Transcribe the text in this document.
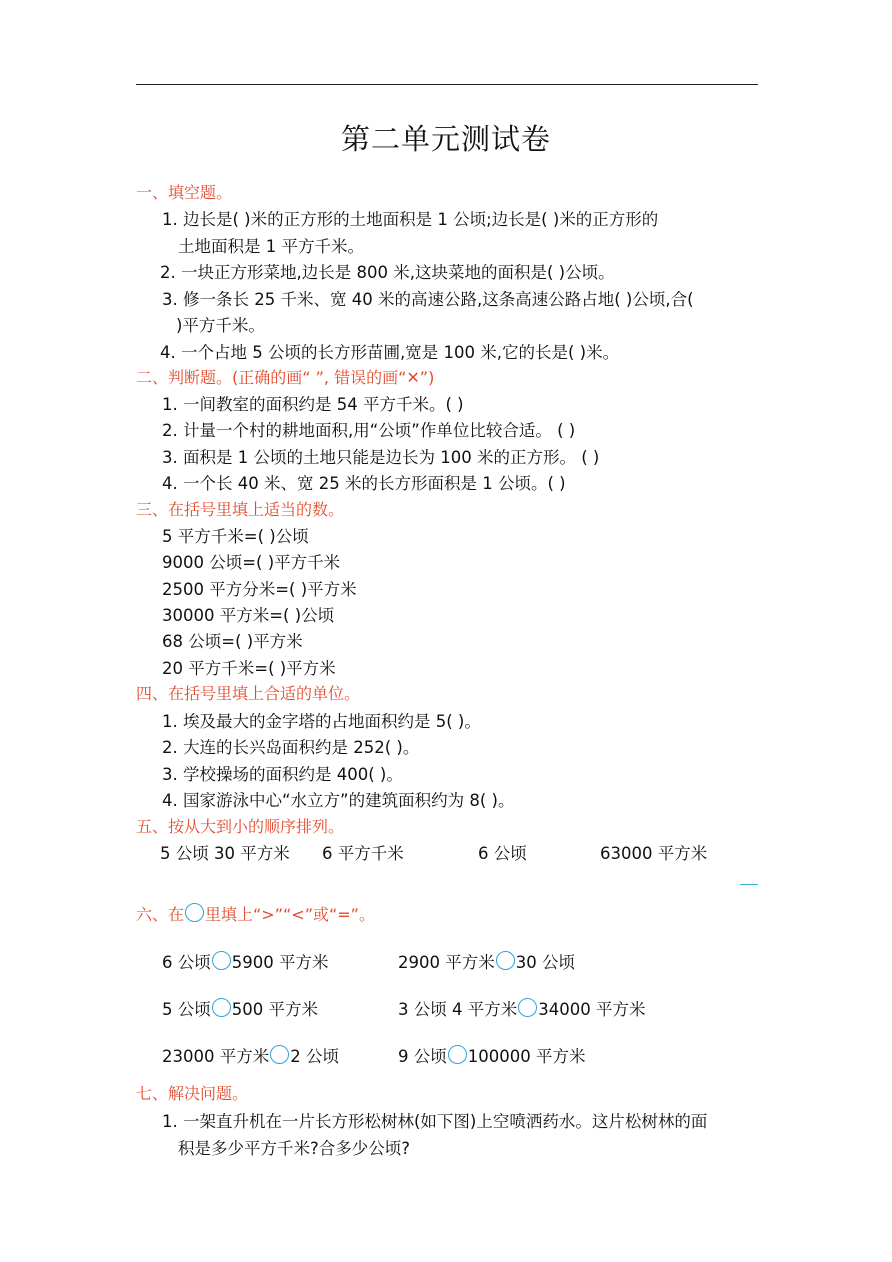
第二单元测试卷
一、填空题。
1. 边长是( )米的正方形的土地面积是 1 公顷;边长是( )米的正方形的
土地面积是 1 平方千米。
2. 一块正方形菜地,边长是 800 米,这块菜地的面积是( )公顷。
3. 修一条长 25 千米、宽 40 米的高速公路,这条高速公路占地( )公顷,合(
)平方千米。
4. 一个占地 5 公顷的长方形苗圃,宽是 100 米,它的长是( )米。
二、判断题。(正确的画“ ”, 错误的画“✕”)
1. 一间教室的面积约是 54 平方千米。( )
2. 计量一个村的耕地面积,用“公顷”作单位比较合适。 ( )
3. 面积是 1 公顷的土地只能是边长为 100 米的正方形。 ( )
4. 一个长 40 米、宽 25 米的长方形面积是 1 公顷。( )
三、在括号里填上适当的数。
5 平方千米=( )公顷
9000 公顷=( )平方千米
2500 平方分米=( )平方米
30000 平方米=( )公顷
68 公顷=( )平方米
20 平方千米=( )平方米
四、在括号里填上合适的单位。
1. 埃及最大的金字塔的占地面积约是 5( )。
2. 大连的长兴岛面积约是 252( )。
3. 学校操场的面积约是 400( )。
4. 国家游泳中心“水立方”的建筑面积约为 8( )。
五、按从大到小的顺序排列。
5 公顷 30 平方米 6 平方千米	6 公顷	63000 平方米
六、在 里填上“>”“<”或“=”。
6 公顷 5900 平方米	2900 平方米 30 公顷
5 公顷 500 平方米	3 公顷 4 平方米 34000 平方米
23000 平方米 2 公顷	9 公顷 100000 平方米
七、解决问题。
1. 一架直升机在一片长方形松树林(如下图)上空喷洒药水。这片松树林的面
积是多少平方千米?合多少公顷?
